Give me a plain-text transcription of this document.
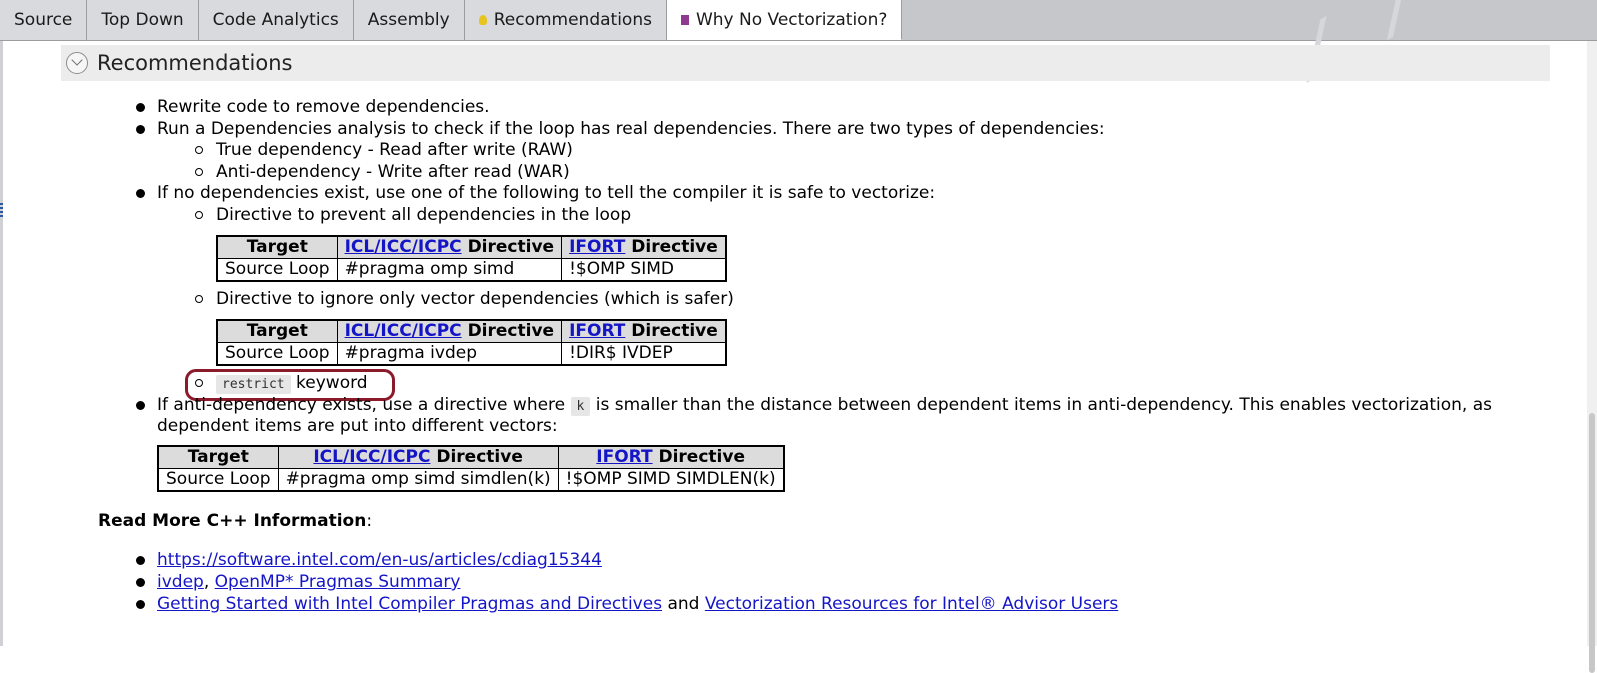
Source Top Down Code Analytics Assembly	Recommendations	Why No Vectorization?
Recommendations
Rewrite code to remove dependencies.
Run a Dependencies analysis to check if the loop has real dependencies. There are two types of dependencies:
True dependency - Read after write (RAW)
Anti-dependency - Write after read (WAR)
If no dependencies exist, use one of the following to tell the compiler it is safe to vectorize:
Directive to prevent all dependencies in the loop
Target	ICL/ICC/ICPC Directive	IFORT Directive
Source Loop	#pragma omp simd	!$OMP SIMD
Directive to ignore only vector dependencies (which is safer)
Target	ICL/ICC/ICPC Directive	IFORT Directive
Source Loop	#pragma ivdep	!DIR$ IVDEP
restrict keyword
If anti-dependency exists, use a directive where k is smaller than the distance between dependent items in anti-dependency. This enables vectorization, as
dependent items are put into different vectors:
Target	ICL/ICC/ICPC Directive	IFORT Directive
Source Loop	#pragma omp simd simdlen(k)	!$OMP SIMD SIMDLEN(k)
Read More C++ Information:
https://software.intel.com/en-us/articles/cdiag15344
ivdep, OpenMP* Pragmas Summary
Getting Started with Intel Compiler Pragmas and Directives and Vectorization Resources for Intel® Advisor Users
